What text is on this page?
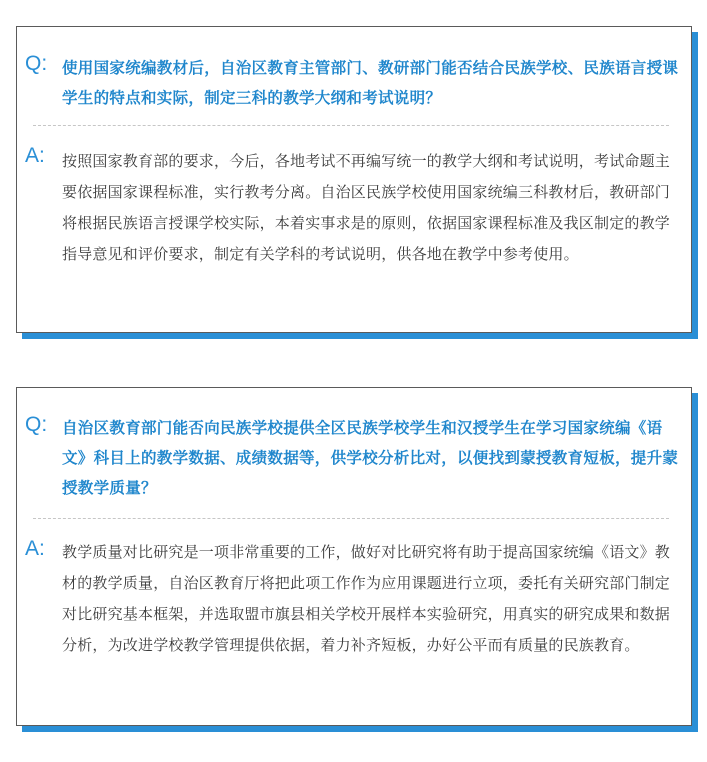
Q: 使用国家统编教材后，自治区教育主管部门、教研部门能否结合民族学校、民族语言授课学生的特点和实际，制定三科的教学大纲和考试说明？
A: 按照国家教育部的要求，今后，各地考试不再编写统一的教学大纲和考试说明，考试命题主要依据国家课程标准，实行教考分离。自治区民族学校使用国家统编三科教材后，教研部门将根据民族语言授课学校实际，本着实事求是的原则，依据国家课程标准及我区制定的教学指导意见和评价要求，制定有关学科的考试说明，供各地在教学中参考使用。
Q: 自治区教育部门能否向民族学校提供全区民族学校学生和汉授学生在学习国家统编《语文》科目上的教学数据、成绩数据等，供学校分析比对，以便找到蒙授教育短板，提升蒙授教学质量？
A: 教学质量对比研究是一项非常重要的工作，做好对比研究将有助于提高国家统编《语文》教材的教学质量，自治区教育厅将把此项工作作为应用课题进行立项，委托有关研究部门制定对比研究基本框架，并选取盟市旗县相关学校开展样本实验研究，用真实的研究成果和数据分析，为改进学校教学管理提供依据，着力补齐短板，办好公平而有质量的民族教育。
